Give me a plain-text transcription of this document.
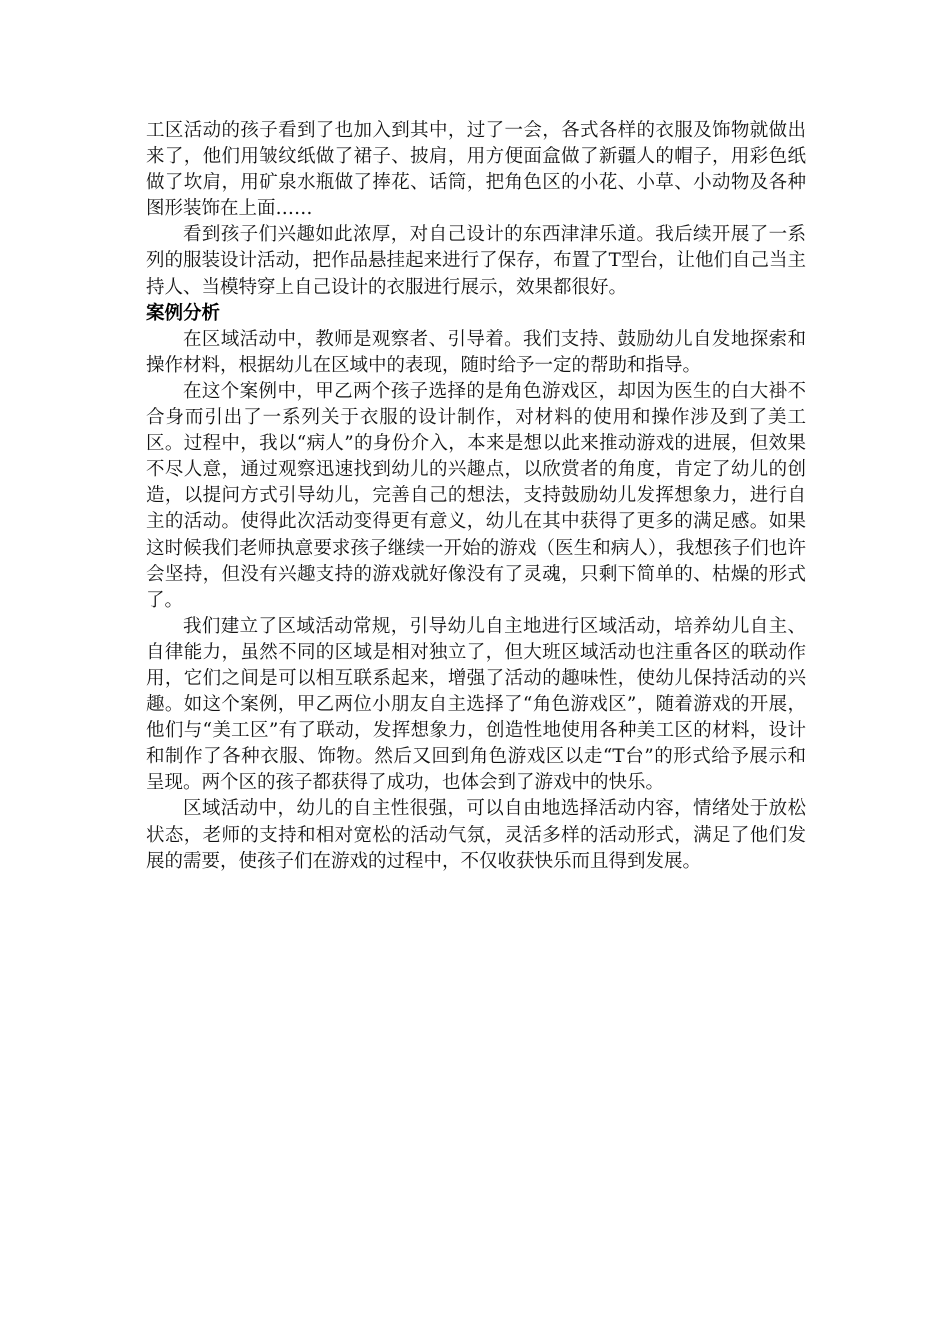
工区活动的孩子看到了也加入到其中，过了一会，各式各样的衣服及饰物就做出来了，他们用皱纹纸做了裙子、披肩，用方便面盒做了新疆人的帽子，用彩色纸做了坎肩，用矿泉水瓶做了捧花、话筒，把角色区的小花、小草、小动物及各种图形装饰在上面……

看到孩子们兴趣如此浓厚，对自己设计的东西津津乐道。我后续开展了一系列的服装设计活动，把作品悬挂起来进行了保存，布置了T型台，让他们自己当主持人、当模特穿上自己设计的衣服进行展示，效果都很好。

案例分析

在区域活动中，教师是观察者、引导着。我们支持、鼓励幼儿自发地探索和操作材料，根据幼儿在区域中的表现，随时给予一定的帮助和指导。

在这个案例中，甲乙两个孩子选择的是角色游戏区，却因为医生的白大褂不合身而引出了一系列关于衣服的设计制作，对材料的使用和操作涉及到了美工区。过程中，我以“病人”的身份介入，本来是想以此来推动游戏的进展，但效果不尽人意，通过观察迅速找到幼儿的兴趣点，以欣赏者的角度，肯定了幼儿的创造，以提问方式引导幼儿，完善自己的想法，支持鼓励幼儿发挥想象力，进行自主的活动。使得此次活动变得更有意义，幼儿在其中获得了更多的满足感。如果这时候我们老师执意要求孩子继续一开始的游戏（医生和病人），我想孩子们也许会坚持，但没有兴趣支持的游戏就好像没有了灵魂，只剩下简单的、枯燥的形式了。

我们建立了区域活动常规，引导幼儿自主地进行区域活动，培养幼儿自主、自律能力，虽然不同的区域是相对独立了，但大班区域活动也注重各区的联动作用，它们之间是可以相互联系起来，增强了活动的趣味性，使幼儿保持活动的兴趣。如这个案例，甲乙两位小朋友自主选择了“角色游戏区”，随着游戏的开展，他们与“美工区”有了联动，发挥想象力，创造性地使用各种美工区的材料，设计和制作了各种衣服、饰物。然后又回到角色游戏区以走“T台”的形式给予展示和呈现。两个区的孩子都获得了成功，也体会到了游戏中的快乐。

区域活动中，幼儿的自主性很强，可以自由地选择活动内容，情绪处于放松状态，老师的支持和相对宽松的活动气氛，灵活多样的活动形式，满足了他们发展的需要，使孩子们在游戏的过程中，不仅收获快乐而且得到发展。
